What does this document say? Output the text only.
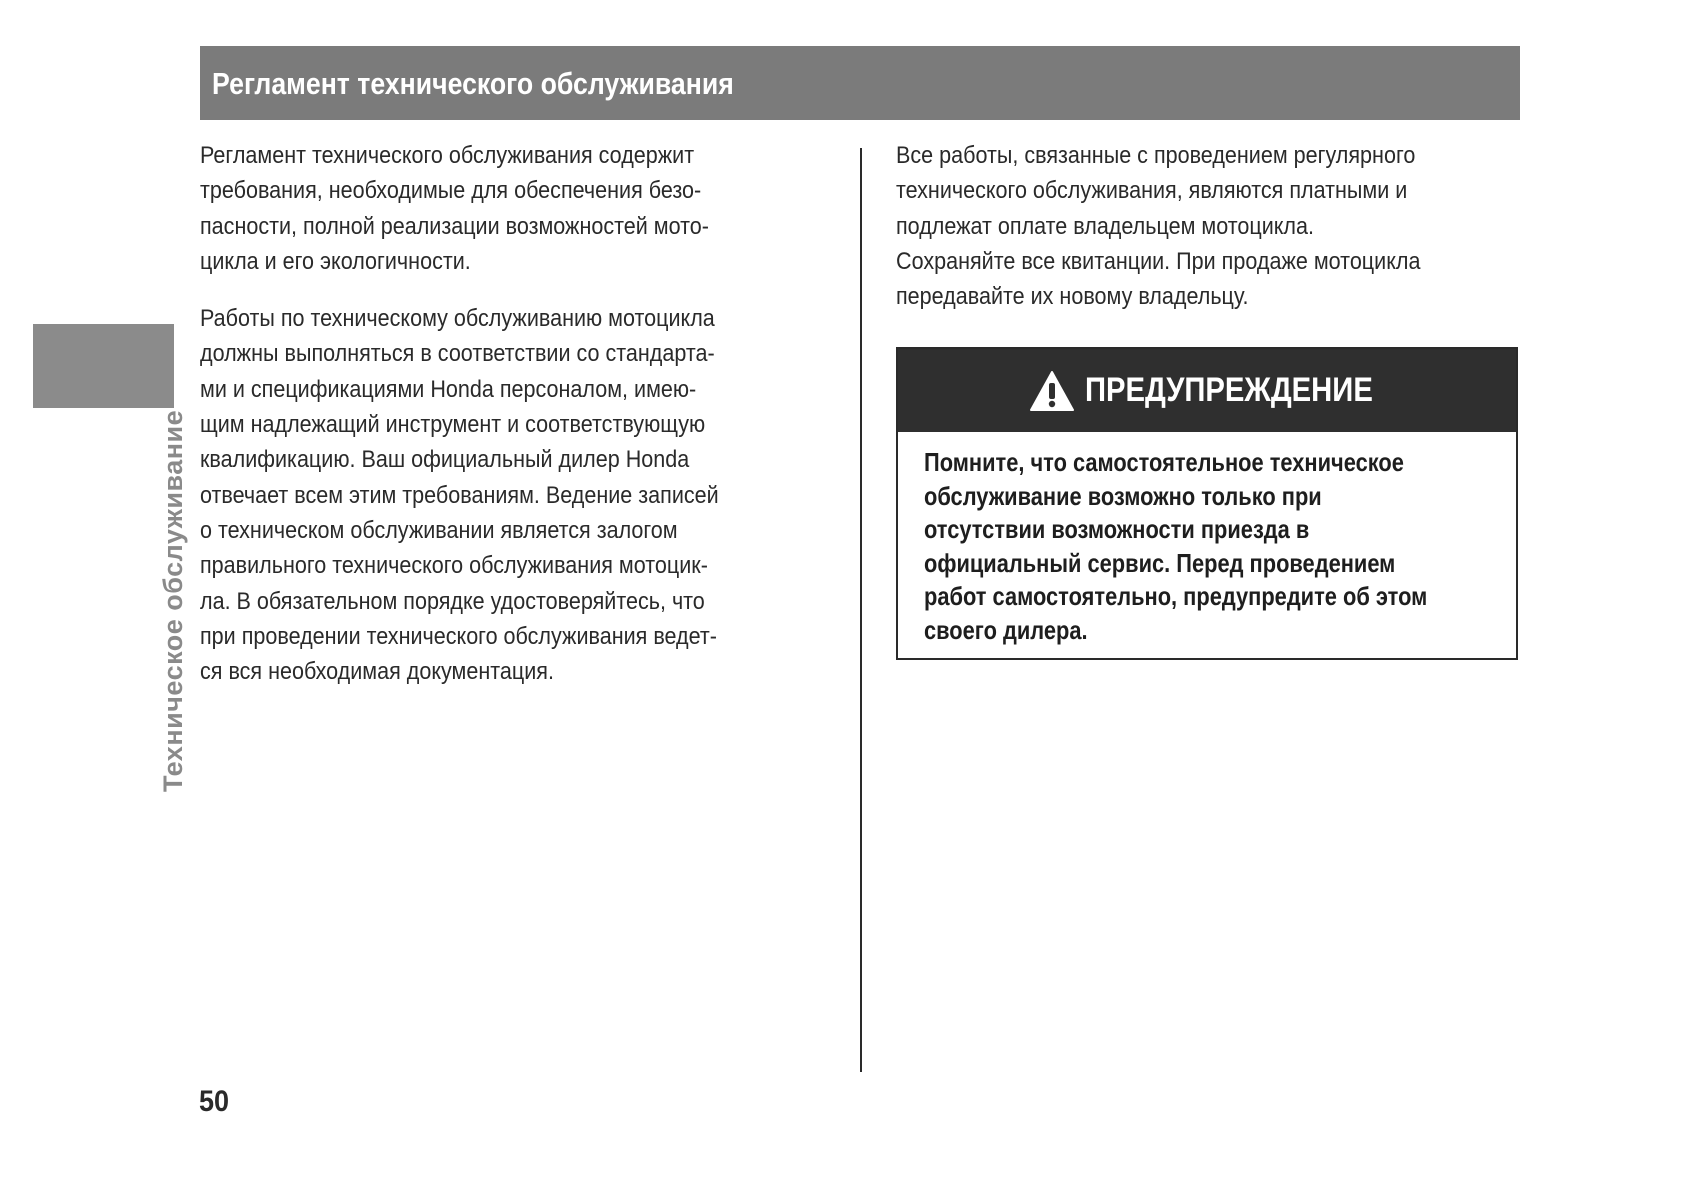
Регламент технического обслуживания
Техническое обслуживание

Регламент технического обслуживания содержит

требования, необходимые для обеспечения безо-

пасности, полной реализации возможностей мото-

цикла и его экологичности.

Работы по техническому обслуживанию мотоцикла

должны выполняться в соответствии со стандарта-

ми и спецификациями Honda персоналом, имею-

щим надлежащий инструмент и соответствующую

квалификацию. Ваш официальный дилер Honda

отвечает всем этим требованиям. Ведение записей

о техническом обслуживании является залогом

правильного технического обслуживания мотоцик-

ла. В обязательном порядке удостоверяйтесь, что

при проведении технического обслуживания ведет-

ся вся необходимая документация.

Все работы, связанные с проведением регулярного

технического обслуживания, являются платными и

подлежат оплате владельцем мотоцикла.

Сохраняйте все квитанции. При продаже мотоцикла

передавайте их новому владельцу.

ПРЕДУПРЕЖДЕНИЕ

Помните, что самостоятельное техническое

обслуживание возможно только при

отсутствии возможности приезда в

официальный сервис. Перед проведением

работ самостоятельно, предупредите об этом

своего дилера.

50
